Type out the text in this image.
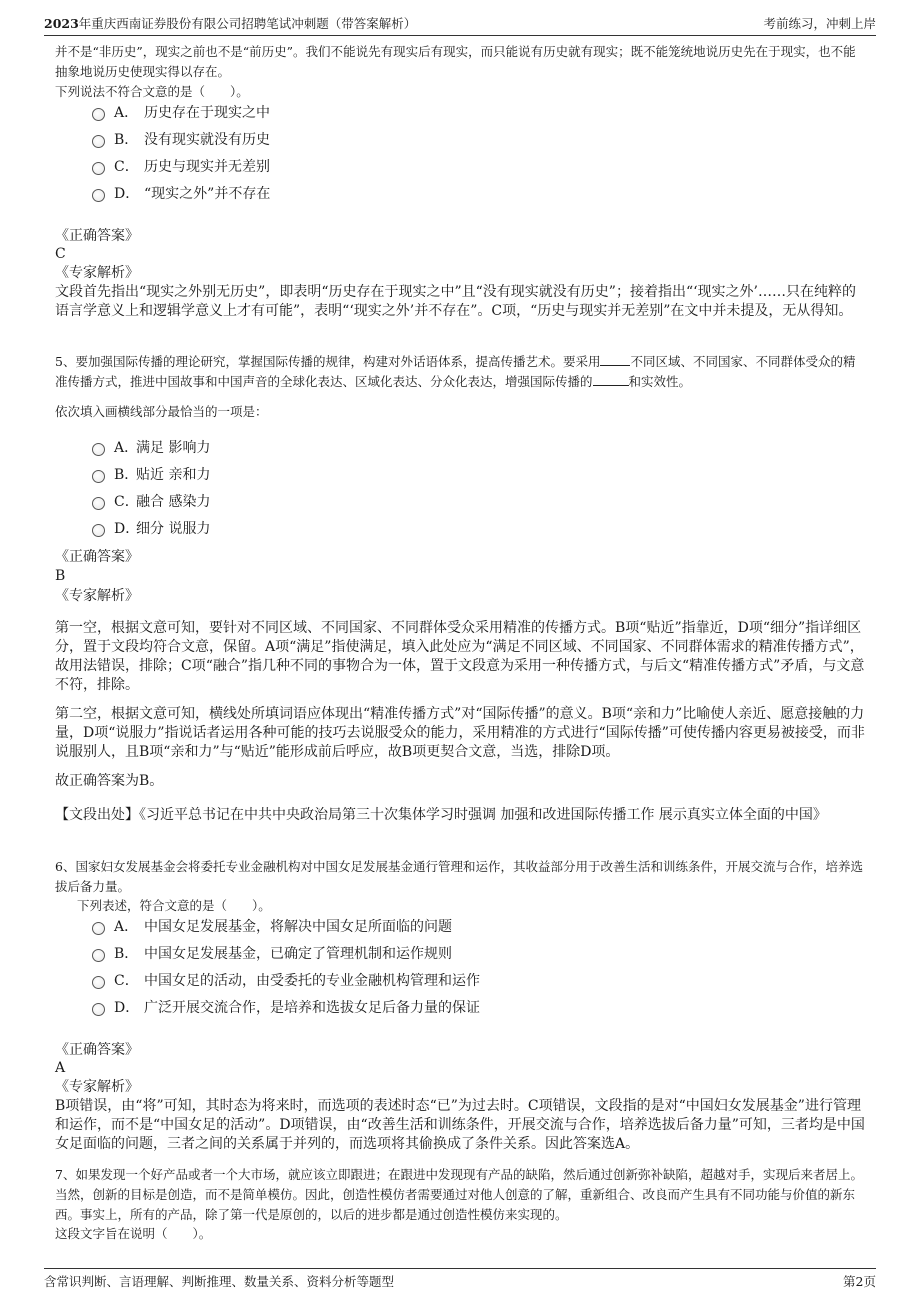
2023年重庆西南证券股份有限公司招聘笔试冲刺题（带答案解析）	考前练习，冲刺上岸
并不是“非历史”，现实之前也不是“前历史”。我们不能说先有现实后有现实，而只能说有历史就有现实；既不能笼统地说历史先在于现实，也不能抽象地说历史使现实得以存在。
下列说法不符合文意的是（　　）。
A． 历史存在于现实之中
B． 没有现实就没有历史
C． 历史与现实并无差别
D． “现实之外”并不存在
《正确答案》
C
《专家解析》
文段首先指出“现实之外别无历史”，即表明“历史存在于现实之中”且“没有现实就没有历史”；接着指出“‘现实之外’……只在纯粹的语言学意义上和逻辑学意义上才有可能”，表明“‘现实之外’并不存在”。C项，“历史与现实并无差别”在文中并未提及，无从得知。
5、要加强国际传播的理论研究，掌握国际传播的规律，构建对外话语体系，提高传播艺术。要采用 不同区域、不同国家、不同群体受众的精准传播方式，推进中国故事和中国声音的全球化表达、区域化表达、分众化表达，增强国际传播的	和实效性。
依次填入画横线部分最恰当的一项是：
A．
满足 影响力
B．
贴近 亲和力
C．
融合 感染力
D．
细分 说服力
《正确答案》
B
《专家解析》
第一空，根据文意可知，要针对不同区域、不同国家、不同群体受众采用精准的传播方式。B项“贴近”指靠近，D项“细分”指详细区分，置于文段均符合文意，保留。A项“满足”指使满足，填入此处应为“满足不同区域、不同国家、不同群体需求的精准传播方式”，故用法错误，排除；C项“融合”指几种不同的事物合为一体，置于文段意为采用一种传播方式，与后文“精准传播方式”矛盾，与文意不符，排除。
第二空，根据文意可知，横线处所填词语应体现出“精准传播方式”对“国际传播”的意义。B项“亲和力”比喻使人亲近、愿意接触的力量，D项“说服力”指说话者运用各种可能的技巧去说服受众的能力，采用精准的方式进行“国际传播”可使传播内容更易被接受，而非说服别人，且B项“亲和力”与“贴近”能形成前后呼应，故B项更契合文意，当选，排除D项。
故正确答案为B。
【文段出处】《习近平总书记在中共中央政治局第三十次集体学习时强调 加强和改进国际传播工作 展示真实立体全面的中国》
6、国家妇女发展基金会将委托专业金融机构对中国女足发展基金通行管理和运作，其收益部分用于改善生活和训练条件，开展交流与合作，培养选拔后备力量。
下列表述，符合文意的是（　　）。
A． 中国女足发展基金，将解决中国女足所面临的问题
B． 中国女足发展基金，已确定了管理机制和运作规则
C． 中国女足的活动，由受委托的专业金融机构管理和运作
D． 广泛开展交流合作，是培养和选拔女足后备力量的保证
《正确答案》
A
《专家解析》
B项错误，由“将”可知，其时态为将来时，而选项的表述时态“已”为过去时。C项错误，文段指的是对“中国妇女发展基金”进行管理和运作，而不是“中国女足的活动”。D项错误，由“改善生活和训练条件，开展交流与合作，培养选拔后备力量”可知，三者均是中国女足面临的问题，三者之间的关系属于并列的，而选项将其偷换成了条件关系。因此答案选A。
7、如果发现一个好产品或者一个大市场，就应该立即跟进；在跟进中发现现有产品的缺陷，然后通过创新弥补缺陷，超越对手，实现后来者居上。当然，创新的目标是创造，而不是简单模仿。因此，创造性模仿者需要通过对他人创意的了解，重新组合、改良而产生具有不同功能与价值的新东西。事实上，所有的产品，除了第一代是原创的，以后的进步都是通过创造性模仿来实现的。
这段文字旨在说明（　　）。
含常识判断、言语理解、判断推理、数量关系、资料分析等题型	第2页
